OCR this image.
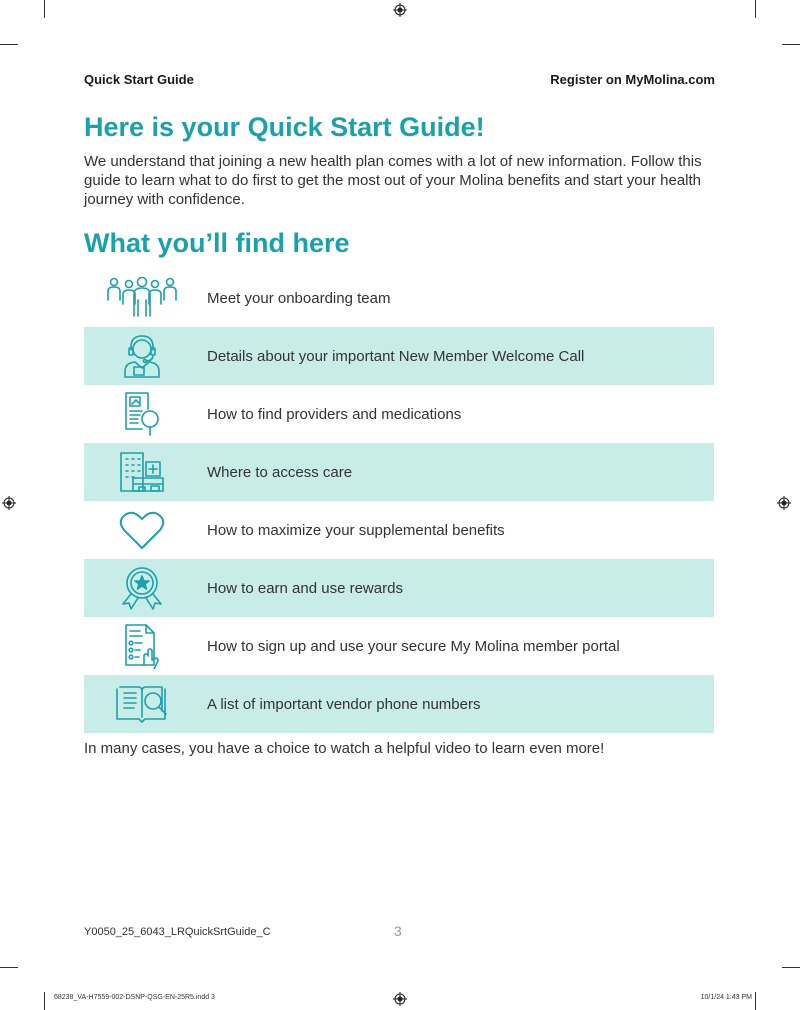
Quick Start Guide	Register on MyMolina.com
Here is your Quick Start Guide!

We understand that joining a new health plan comes with a lot of new information. Follow this guide to learn what to do first to get the most out of your Molina benefits and start your health journey with confidence.

What you’ll find here
Meet your onboarding team
Details about your important New Member Welcome Call
How to find providers and medications
Where to access care
How to maximize your supplemental benefits
How to earn and use rewards
How to sign up and use your secure My Molina member portal
A list of important vendor phone numbers

In many cases, you have a choice to watch a helpful video to learn even more!

Y0050_25_6043_LRQuickSrtGuide_C	3
68238_VA-H7559-002-DSNP-QSG-EN-25R5.indd 3	10/1/24 1:43 PM
